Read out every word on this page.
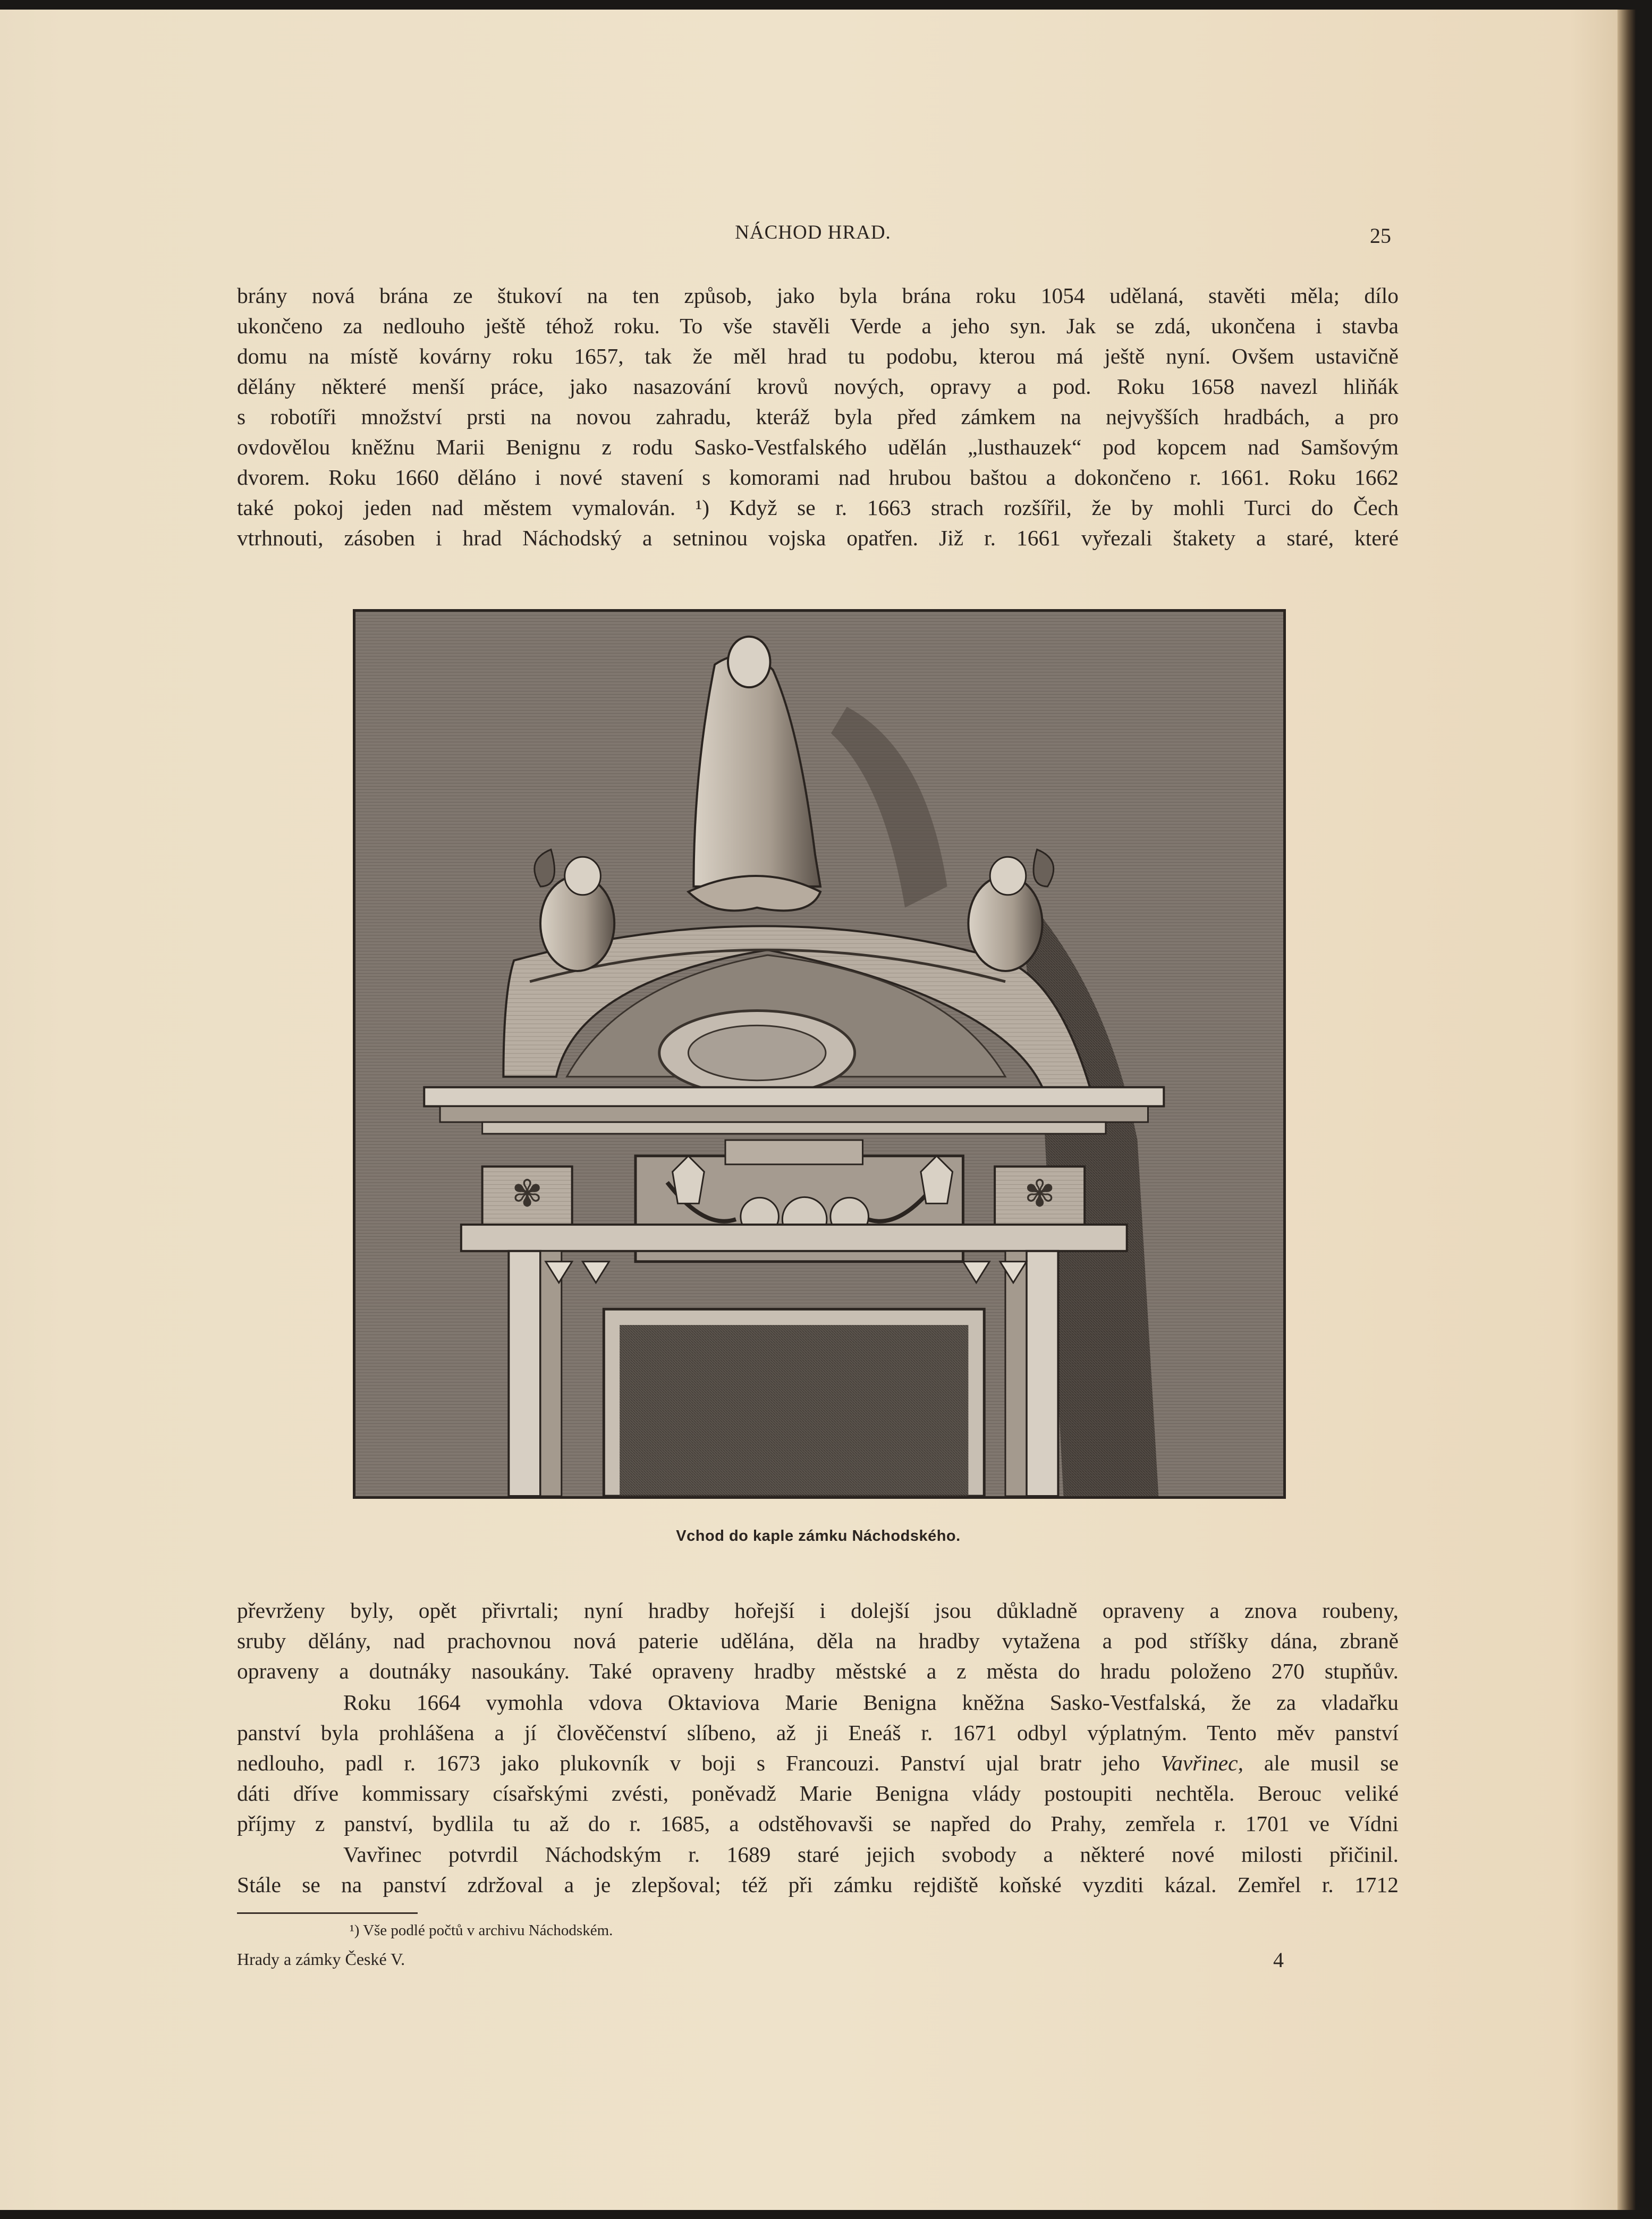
NÁCHOD HRAD.	25
brány nová brána ze štukoví na ten způsob, jako byla brána roku 1054 udělaná, stavěti měla; dílo
ukončeno za nedlouho ještě téhož roku. To vše stavěli Verde a jeho syn. Jak se zdá, ukončena i stavba
domu na místě kovárny roku 1657, tak že měl hrad tu podobu, kterou má ještě nyní. Ovšem ustavičně
dělány některé menší práce, jako nasazování krovů nových, opravy a pod. Roku 1658 navezl hliňák
s robotíři množství prsti na novou zahradu, kteráž byla před zámkem na nejvyšších hradbách, a pro
ovdovělou kněžnu Marii Benignu z rodu Sasko-Vestfalského udělán „lusthauzek“ pod kopcem nad Samšovým
dvorem. Roku 1660 děláno i nové stavení s komorami nad hrubou baštou a dokončeno r. 1661. Roku 1662
také pokoj jeden nad městem vymalován. ¹) Když se r. 1663 strach rozšířil, že by mohli Turci do Čech
vtrhnouti, zásoben i hrad Náchodský a setninou vojska opatřen. Již r. 1661 vyřezali štakety a staré, které
✾	✾
Vchod do kaple zámku Náchodského.
převrženy byly, opět přivrtali; nyní hradby hořejší i dolejší jsou důkladně opraveny a znova roubeny,
sruby dělány, nad prachovnou nová paterie udělána, děla na hradby vytažena a pod stříšky dána, zbraně
opraveny a doutnáky nasoukány. Také opraveny hradby městské a z města do hradu položeno 270 stupňův.
Roku 1664 vymohla vdova Oktaviova Marie Benigna kněžna Sasko-Vestfalská, že za vladařku
panství byla prohlášena a jí člověčenství slíbeno, až ji Eneáš r. 1671 odbyl výplatným. Tento měv panství
nedlouho, padl r. 1673 jako plukovník v boji s Francouzi. Panství ujal bratr jeho Vavřinec, ale musil se
dáti dříve kommissary císařskými zvésti, poněvadž Marie Benigna vlády postoupiti nechtěla. Berouc veliké
příjmy z panství, bydlila tu až do r. 1685, a odstěhovavši se napřed do Prahy, zemřela r. 1701 ve Vídni
Vavřinec potvrdil Náchodským r. 1689 staré jejich svobody a některé nové milosti přičinil.
Stále se na panství zdržoval a je zlepšoval; též při zámku rejdiště koňské vyzditi kázal. Zemřel r. 1712
¹) Vše podlé počtů v archivu Náchodském.
Hrady a zámky České V.	4
